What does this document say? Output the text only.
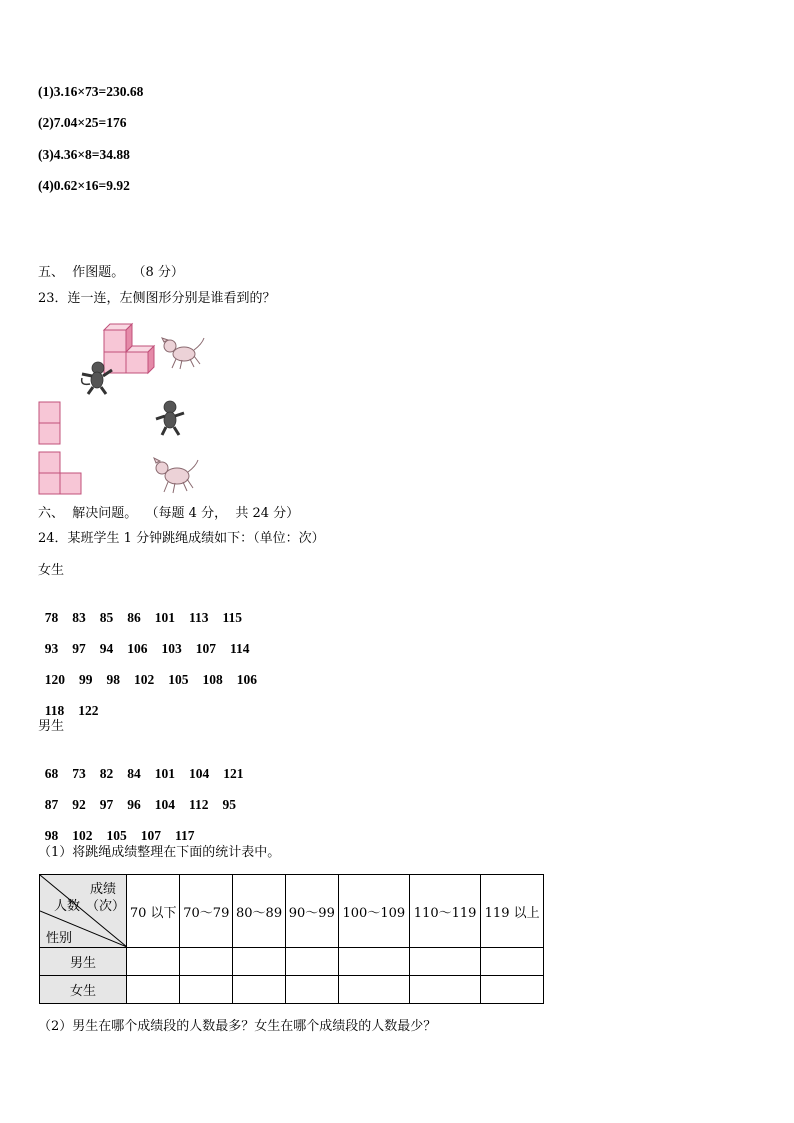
(1)3.16×73=230.68
(2)7.04×25=176
(3)4.36×8=34.88
(4)0.62×16=9.92
五、  作图题。  （8 分）
23．连一连，左侧图形分别是谁看到的？
六、  解决问题。  （每题 4 分，  共 24 分）
24．某班学生 1 分钟跳绳成绩如下：（单位：次）
女生

78 83 85 86 101 113 115

93 97 94 106 103 107 114

120 99 98 102 105 108 106

118 122

男生

68 73 82 84 101 104 121

87 92 97 96 104 112 95

98 102 105 107 117

（1）将跳绳成绩整理在下面的统计表中。
成绩
（次）
人数
性别	70 以下	70～79	80～89	90～99	100～109	110～119	119 以上
男生							
女生							
（2）男生在哪个成绩段的人数最多？女生在哪个成绩段的人数最少？
